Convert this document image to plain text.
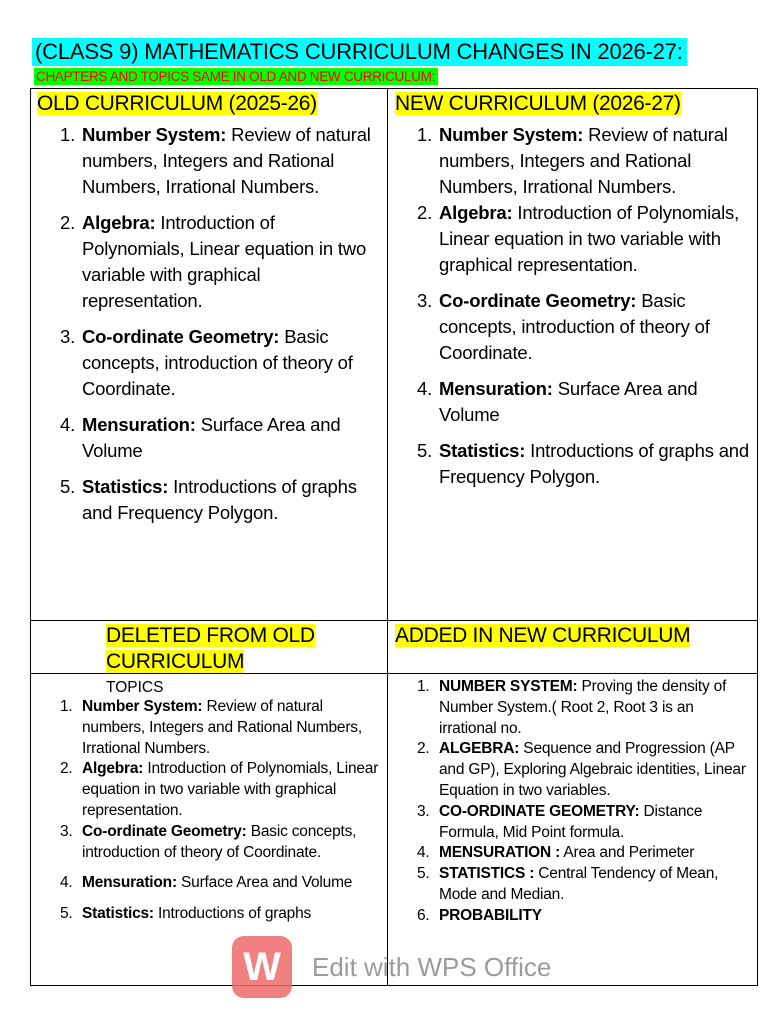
(CLASS 9) MATHEMATICS CURRICULUM CHANGES IN 2026-27:
CHAPTERS AND TOPICS SAME IN OLD AND NEW CURRICULUM:
OLD CURRICULUM (2025-26)	NEW CURRICULUM (2026-27)
1. Number System: Review of natural numbers, Integers and Rational Numbers, Irrational Numbers.
2. Algebra: Introduction of Polynomials, Linear equation in two variable with graphical representation.
3. Co-ordinate Geometry: Basic concepts, introduction of theory of Coordinate.
4. Mensuration: Surface Area and Volume
5. Statistics: Introductions of graphs and Frequency Polygon.
1. Number System: Review of natural numbers, Integers and Rational Numbers, Irrational Numbers.
2. Algebra: Introduction of Polynomials, Linear equation in two variable with graphical representation.
3. Co-ordinate Geometry: Basic concepts, introduction of theory of Coordinate.
4. Mensuration: Surface Area and Volume
5. Statistics: Introductions of graphs and Frequency Polygon.
DELETED FROM OLD
CURRICULUM
ADDED IN NEW CURRICULUM
TOPICS
1. Number System: Review of natural numbers, Integers and Rational Numbers, Irrational Numbers.
2. Algebra: Introduction of Polynomials, Linear equation in two variable with graphical representation.
3. Co-ordinate Geometry: Basic concepts, introduction of theory of Coordinate.
4. Mensuration: Surface Area and Volume
5. Statistics: Introductions of graphs
1. NUMBER SYSTEM: Proving the density of Number System.( Root 2, Root 3 is an irrational no.
2. ALGEBRA: Sequence and Progression (AP and GP), Exploring Algebraic identities, Linear Equation in two variables.
3. CO-ORDINATE GEOMETRY: Distance Formula, Mid Point formula.
4. MENSURATION : Area and Perimeter
5. STATISTICS : Central Tendency of Mean, Mode and Median.
6. PROBABILITY
W	Edit with WPS Office
